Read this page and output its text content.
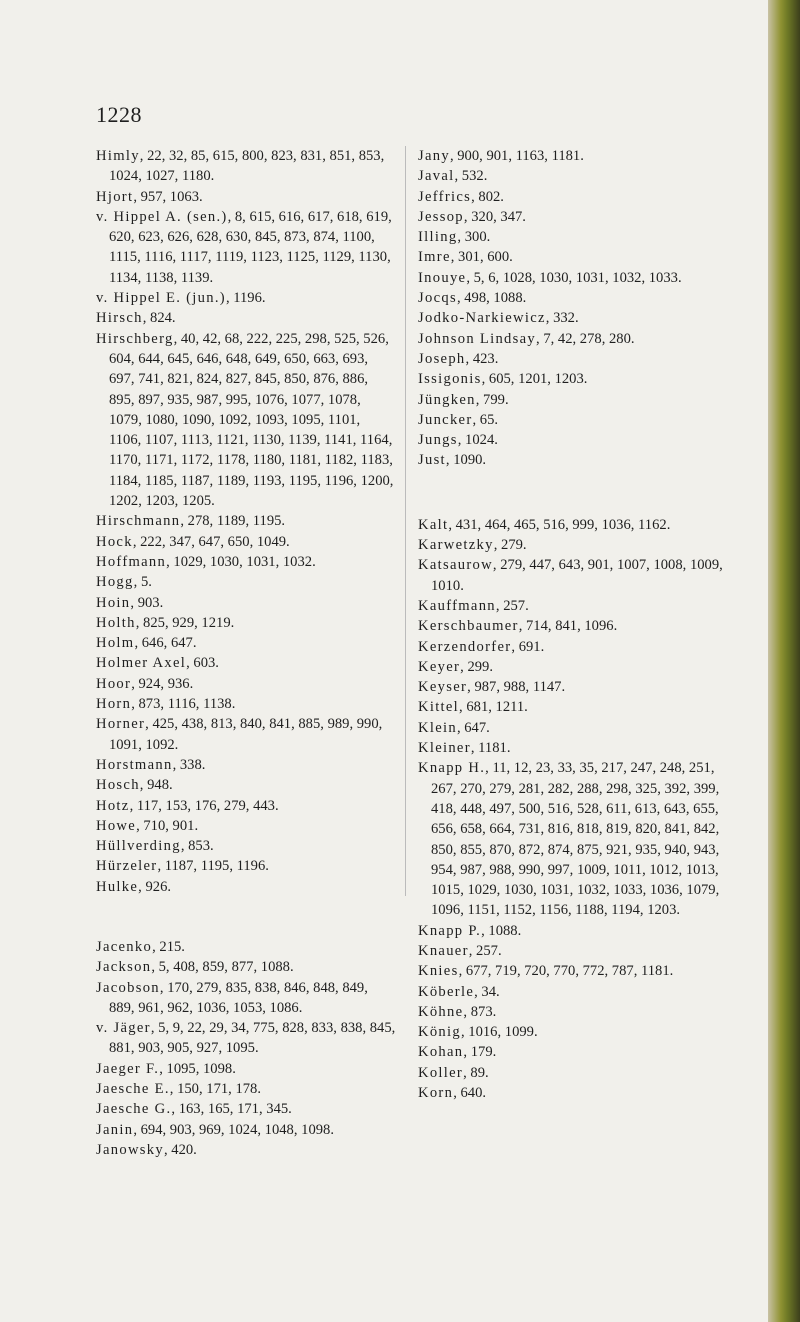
1228
Himly, 22, 32, 85, 615, 800, 823, 831, 851, 853, 1024, 1027, 1180.
Hjort, 957, 1063.
v. Hippel A. (sen.), 8, 615, 616, 617, 618, 619, 620, 623, 626, 628, 630, 845, 873, 874, 1100, 1115, 1116, 1117, 1119, 1123, 1125, 1129, 1130, 1134, 1138, 1139.
v. Hippel E. (jun.), 1196.
Hirsch, 824.
Hirschberg, 40, 42, 68, 222, 225, 298, 525, 526, 604, 644, 645, 646, 648, 649, 650, 663, 693, 697, 741, 821, 824, 827, 845, 850, 876, 886, 895, 897, 935, 987, 995, 1076, 1077, 1078, 1079, 1080, 1090, 1092, 1093, 1095, 1101, 1106, 1107, 1113, 1121, 1130, 1139, 1141, 1164, 1170, 1171, 1172, 1178, 1180, 1181, 1182, 1183, 1184, 1185, 1187, 1189, 1193, 1195, 1196, 1200, 1202, 1203, 1205.
Hirschmann, 278, 1189, 1195.
Hock, 222, 347, 647, 650, 1049.
Hoffmann, 1029, 1030, 1031, 1032.
Hogg, 5.
Hoin, 903.
Holth, 825, 929, 1219.
Holm, 646, 647.
Holmer Axel, 603.
Hoor, 924, 936.
Horn, 873, 1116, 1138.
Horner, 425, 438, 813, 840, 841, 885, 989, 990, 1091, 1092.
Horstmann, 338.
Hosch, 948.
Hotz, 117, 153, 176, 279, 443.
Howe, 710, 901.
Hüllverding, 853.
Hürzeler, 1187, 1195, 1196.
Hulke, 926.
Jacenko, 215.
Jackson, 5, 408, 859, 877, 1088.
Jacobson, 170, 279, 835, 838, 846, 848, 849, 889, 961, 962, 1036, 1053, 1086.
v. Jäger, 5, 9, 22, 29, 34, 775, 828, 833, 838, 845, 881, 903, 905, 927, 1095.
Jaeger F., 1095, 1098.
Jaesche E., 150, 171, 178.
Jaesche G., 163, 165, 171, 345.
Janin, 694, 903, 969, 1024, 1048, 1098.
Janowsky, 420.
Jany, 900, 901, 1163, 1181.
Javal, 532.
Jeffrics, 802.
Jessop, 320, 347.
Illing, 300.
Imre, 301, 600.
Inouye, 5, 6, 1028, 1030, 1031, 1032, 1033.
Jocqs, 498, 1088.
Jodko-Narkiewicz, 332.
Johnson Lindsay, 7, 42, 278, 280.
Joseph, 423.
Issigonis, 605, 1201, 1203.
Jüngken, 799.
Juncker, 65.
Jungs, 1024.
Just, 1090.
Kalt, 431, 464, 465, 516, 999, 1036, 1162.
Karwetzky, 279.
Katsaurow, 279, 447, 643, 901, 1007, 1008, 1009, 1010.
Kauffmann, 257.
Kerschbaumer, 714, 841, 1096.
Kerzendorfer, 691.
Keyer, 299.
Keyser, 987, 988, 1147.
Kittel, 681, 1211.
Klein, 647.
Kleiner, 1181.
Knapp H., 11, 12, 23, 33, 35, 217, 247, 248, 251, 267, 270, 279, 281, 282, 288, 298, 325, 392, 399, 418, 448, 497, 500, 516, 528, 611, 613, 643, 655, 656, 658, 664, 731, 816, 818, 819, 820, 841, 842, 850, 855, 870, 872, 874, 875, 921, 935, 940, 943, 954, 987, 988, 990, 997, 1009, 1011, 1012, 1013, 1015, 1029, 1030, 1031, 1032, 1033, 1036, 1079, 1096, 1151, 1152, 1156, 1188, 1194, 1203.
Knapp P., 1088.
Knauer, 257.
Knies, 677, 719, 720, 770, 772, 787, 1181.
Köberle, 34.
Köhne, 873.
König, 1016, 1099.
Kohan, 179.
Koller, 89.
Korn, 640.
